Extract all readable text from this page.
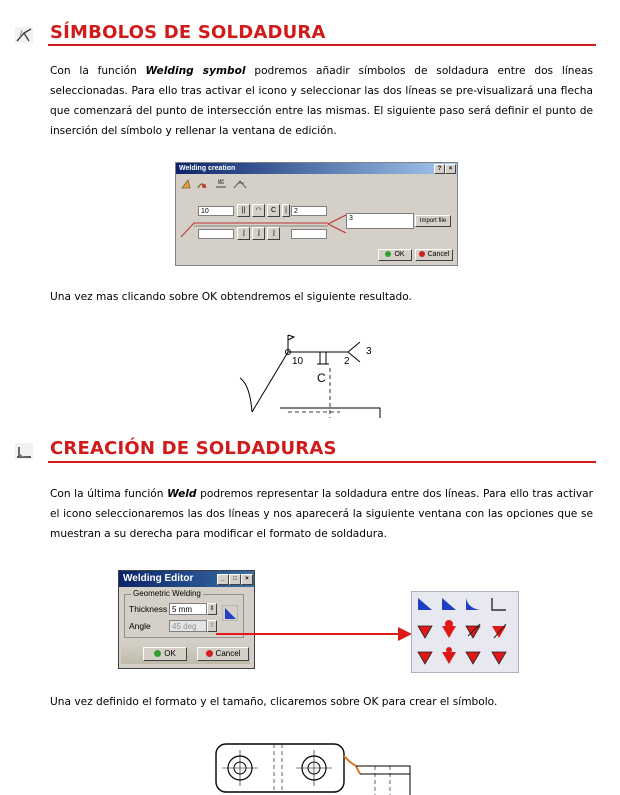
SÍMBOLOS DE SOLDADURA
Con la función Welding symbol podremos añadir símbolos de soldadura entre dos líneas seleccionadas. Para ello tras activar el icono y seleccionar las dos líneas se pre-visualizará una flecha que comenzará del punto de intersección entre las mismas. El siguiente paso será definir el punto de inserción del símbolo y rellenar la ventana de edición.
Welding creation	?	×
MP
10	||	◠	C	|
⌋	⌋	⌋
2
3	Import file
OK	Cancel
Una vez mas clicando sobre OK obtendremos el siguiente resultado.
10	2
3
C
CREACIÓN DE SOLDADURAS
Con la última función Weld podremos representar la soldadura entre dos líneas. Para ello tras activar el icono seleccionaremos las dos líneas y nos aparecerá la siguiente ventana con las opciones que se muestran a su derecha para modificar el formato de soldadura.
Welding Editor	_	□	×
Geometric Welding
Thickness 5 mm	⇕
Angle	45 deg	⇕
OK	Cancel
Una vez definido el formato y el tamaño, clicaremos sobre OK para crear el símbolo.
